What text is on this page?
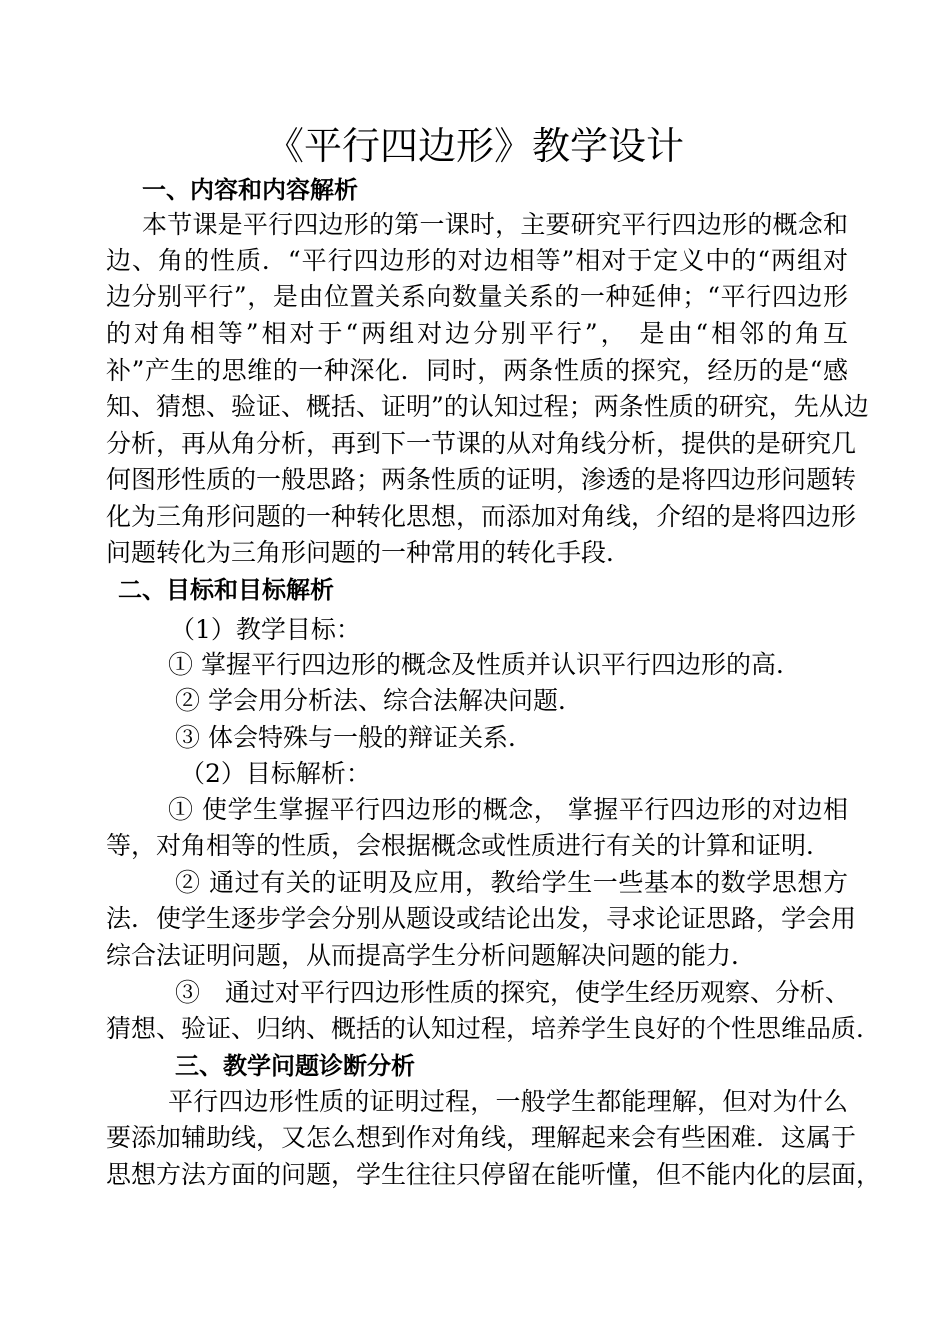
《平行四边形》教学设计
一、内容和内容解析
本节课是平行四边形的第一课时，主要研究平行四边形的概念和
边、角的性质．“平行四边形的对边相等”相对于定义中的“两组对
边分别平行”，是由位置关系向数量关系的一种延伸；“平行四边形
的对角相等”相对于“两组对边分别平行”， 是由“相邻的角互
补”产生的思维的一种深化．同时，两条性质的探究，经历的是“感
知、猜想、验证、概括、证明”的认知过程；两条性质的研究，先从边
分析，再从角分析，再到下一节课的从对角线分析，提供的是研究几
何图形性质的一般思路；两条性质的证明，渗透的是将四边形问题转
化为三角形问题的一种转化思想，而添加对角线，介绍的是将四边形
问题转化为三角形问题的一种常用的转化手段．
二、目标和目标解析
（1）教学目标：
① 掌握平行四边形的概念及性质并认识平行四边形的高．
② 学会用分析法、综合法解决问题．
③ 体会特殊与一般的辩证关系．
（2）目标解析：
① 使学生掌握平行四边形的概念， 掌握平行四边形的对边相
等，对角相等的性质，会根据概念或性质进行有关的计算和证明．
② 通过有关的证明及应用，教给学生一些基本的数学思想方
法．使学生逐步学会分别从题设或结论出发，寻求论证思路，学会用
综合法证明问题，从而提高学生分析问题解决问题的能力．
③　通过对平行四边形性质的探究，使学生经历观察、分析、
猜想、验证、归纳、概括的认知过程，培养学生良好的个性思维品质．
三、教学问题诊断分析
平行四边形性质的证明过程，一般学生都能理解，但对为什么
要添加辅助线，又怎么想到作对角线，理解起来会有些困难．这属于
思想方法方面的问题，学生往往只停留在能听懂，但不能内化的层面，
